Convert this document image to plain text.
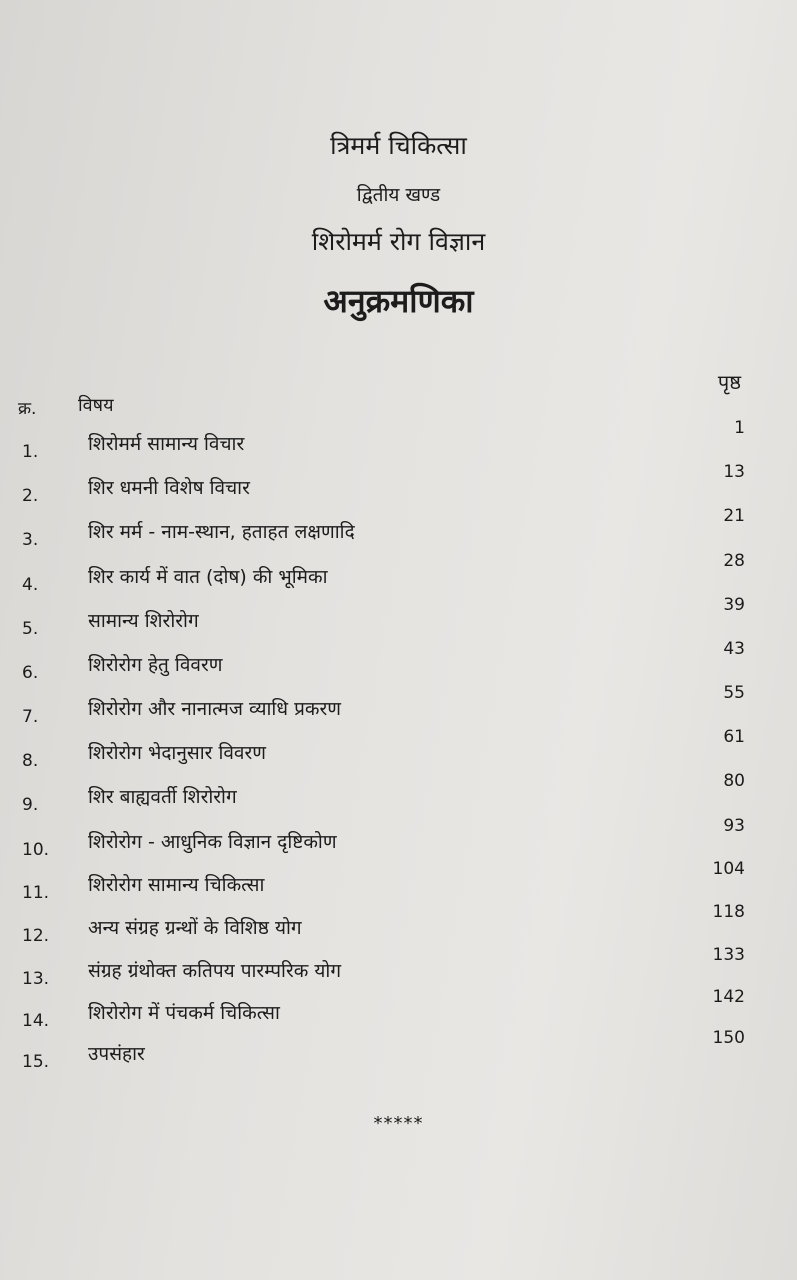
त्रिमर्म चिकित्सा
द्वितीय खण्ड
शिरोमर्म रोग विज्ञान
अनुक्रमणिका
क्र. विषय
पृष्ठ
1.	शिरोमर्म सामान्य विचार
1
2.	शिर धमनी विशेष विचार
13
3.	शिर मर्म - नाम-स्थान, हताहत लक्षणादि
21
4.	शिर कार्य में वात (दोष) की भूमिका
28
5.	सामान्य शिरोरोग
39
6.	शिरोरोग हेतु विवरण
43
7.	शिरोरोग और नानात्मज व्याधि प्रकरण
55
8.	शिरोरोग भेदानुसार विवरण
61
9.	शिर बाह्यवर्ती शिरोरोग
80
10. शिरोरोग - आधुनिक विज्ञान दृष्टिकोण
93
11. शिरोरोग सामान्य चिकित्सा
104
12. अन्य संग्रह ग्रन्थों के विशिष्ठ योग
118
13. संग्रह ग्रंथोक्त कतिपय पारम्परिक योग
133
14. शिरोरोग में पंचकर्म चिकित्सा
142
15. उपसंहार
150
*****
